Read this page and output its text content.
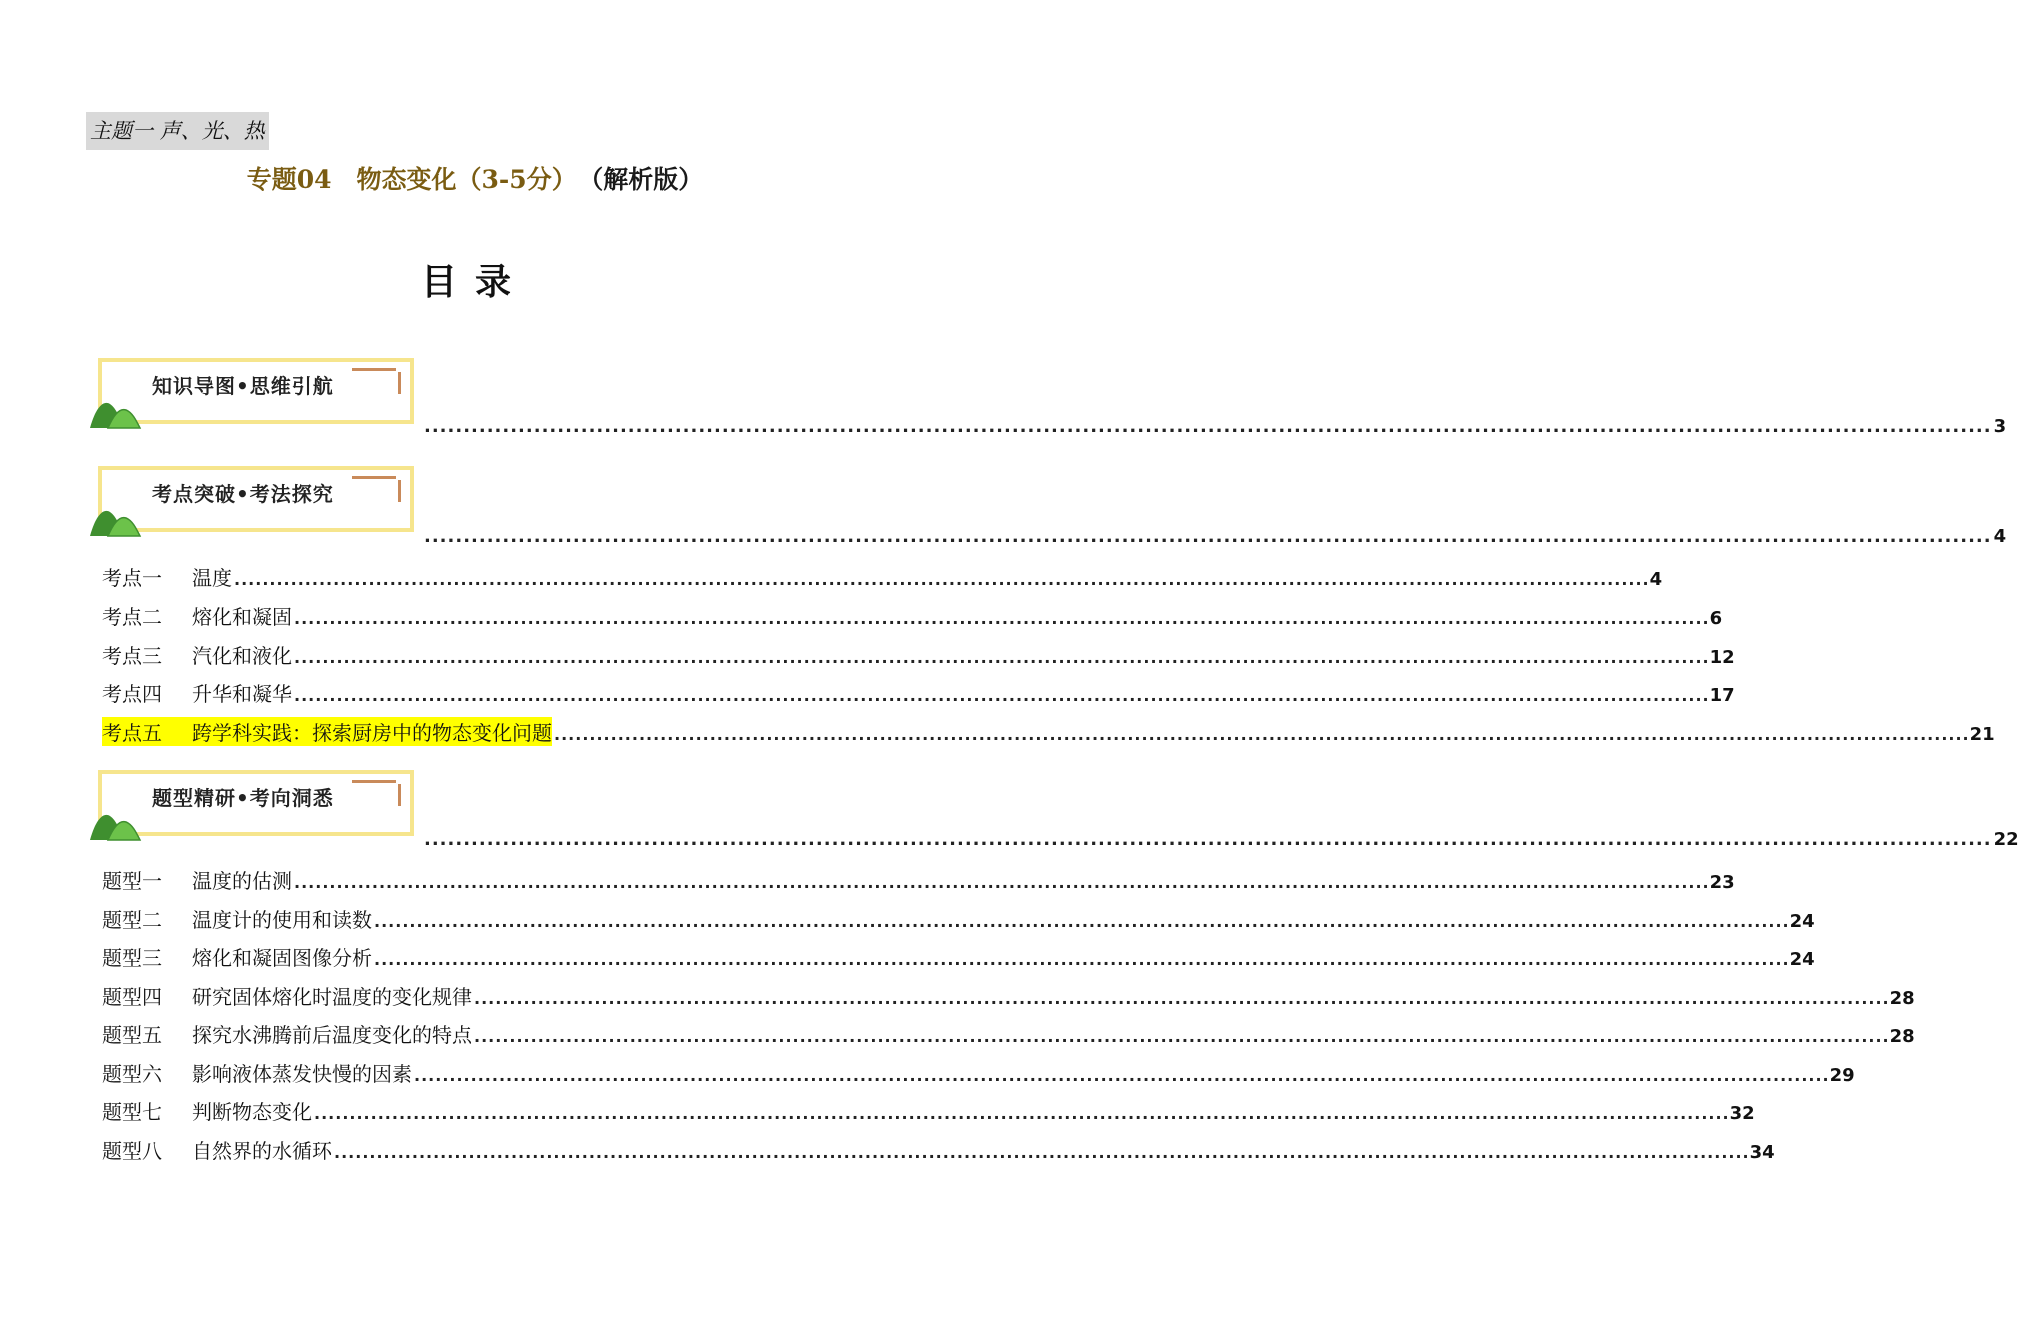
主题一 声、光、热
专题04　物态变化（3-5分） （解析版）
目录
知识导图•思维引航
........................................................................................................................................................................................................ 3
考点突破•考法探究
........................................................................................................................................................................................................ 4
考点一	温度 ........................................................................................................................................................................................................ 4
考点二	熔化和凝固 ........................................................................................................................................................................................................ 6
考点三	汽化和液化 ........................................................................................................................................................................................................ 12
考点四	升华和凝华 ........................................................................................................................................................................................................ 17
考点五	跨学科实践：探索厨房中的物态变化问题 ........................................................................................................................................................................................................ 21
题型精研•考向洞悉
........................................................................................................................................................................................................ 22
题型一	温度的估测 ........................................................................................................................................................................................................ 23
题型二	温度计的使用和读数 ........................................................................................................................................................................................................ 24
题型三	熔化和凝固图像分析 ........................................................................................................................................................................................................ 24
题型四	研究固体熔化时温度的变化规律 ........................................................................................................................................................................................................ 28
题型五	探究水沸腾前后温度变化的特点 ........................................................................................................................................................................................................ 28
题型六	影响液体蒸发快慢的因素 ........................................................................................................................................................................................................ 29
题型七	判断物态变化 ........................................................................................................................................................................................................ 32
题型八	自然界的水循环 ........................................................................................................................................................................................................ 34
